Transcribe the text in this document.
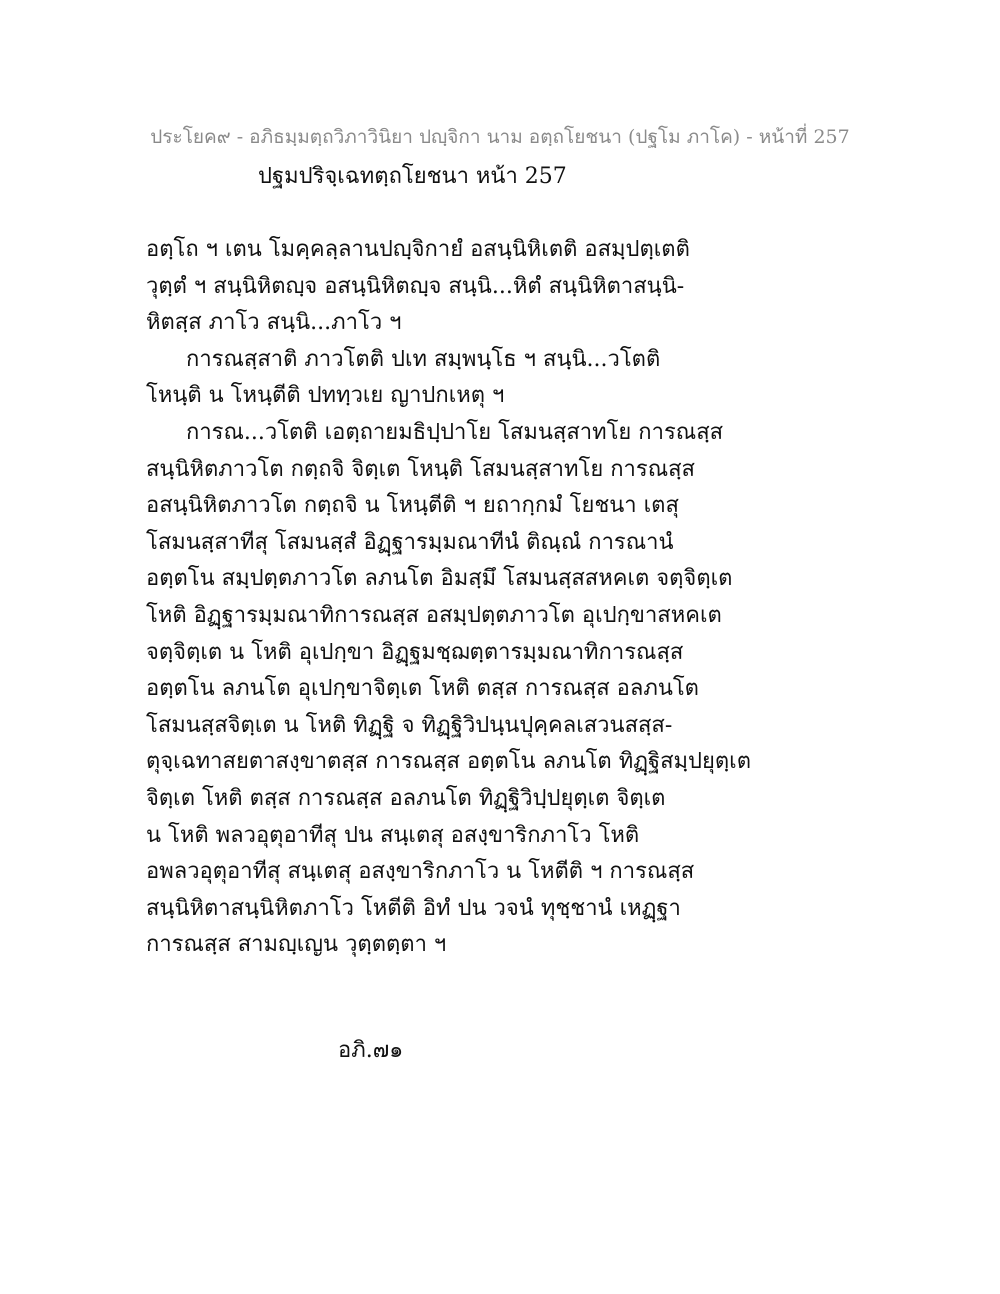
ประโยค๙ - อภิธมฺมตฺถวิภาวินิยา ปญฺจิกา นาม อตฺถโยชนา (ปฐโม ภาโค) - หน้าที่ 257
ปฐมปริจฺเฉทตฺถโยชนา หน้า 257
อตฺโถ ฯ เตน โมคฺคลฺลานปญฺจิกายํ อสนฺนิหิเตติ อสมฺปตฺเตติ
วุตฺตํ ฯ สนฺนิหิตญฺจ อสนฺนิหิตญฺจ สนฺนิ...หิตํ สนฺนิหิตาสนฺนิ-
หิตสฺส ภาโว สนฺนิ...ภาโว ฯ
การณสฺสาติ ภาวโตติ ปเท สมฺพนฺโธ ฯ สนฺนิ...วโตติ
โหนฺติ น โหนฺตีติ ปททฺวเย ญาปกเหตุ ฯ
การณ...วโตติ เอตฺถายมธิปฺปาโย โสมนสฺสาทโย การณสฺส
สนฺนิหิตภาวโต กตฺถจิ จิตฺเต โหนฺติ โสมนสฺสาทโย การณสฺส
อสนฺนิหิตภาวโต กตฺถจิ น โหนฺตีติ ฯ ยถากฺกมํ โยชนา เตสุ
โสมนสฺสาทีสุ โสมนสฺสํ อิฏฺฐารมฺมณาทีนํ ติณฺณํ การณานํ
อตฺตโน สมฺปตฺตภาวโต ลภนโต อิมสฺมึ โสมนสฺสสหคเต จตฺจิตฺเต
โหติ อิฏฺฐารมฺมณาทิการณสฺส อสมฺปตฺตภาวโต อุเปกฺขาสหคเต
จตฺจิตฺเต น โหติ อุเปกฺขา อิฏฺฐมชฺฌตฺตารมฺมณาทิการณสฺส
อตฺตโน ลภนโต อุเปกฺขาจิตฺเต โหติ ตสฺส การณสฺส อลภนโต
โสมนสฺสจิตฺเต น โหติ ทิฏฺฐิ จ ทิฏฺฐิวิปนฺนปุคฺคลเสวนสสฺส-
ตุจฺเฉทาสยตาสงฺขาตสฺส การณสฺส อตฺตโน ลภนโต ทิฏฺฐิสมฺปยุตฺเต
จิตฺเต โหติ ตสฺส การณสฺส อลภนโต ทิฏฺฐิวิปฺปยุตฺเต จิตฺเต
น โหติ พลวอุตุอาทีสุ ปน สนฺเตสุ อสงฺขาริกภาโว โหติ
อพลวอุตุอาทีสุ สนฺเตสุ อสงฺขาริกภาโว น โหตีติ ฯ การณสฺส
สนฺนิหิตาสนฺนิหิตภาโว โหตีติ อิทํ ปน วจนํ ทุชฺชานํ เหฏฺฐา
การณสฺส สามญฺเญน วุตฺตตฺตา ฯ
อภิ.๗๑
